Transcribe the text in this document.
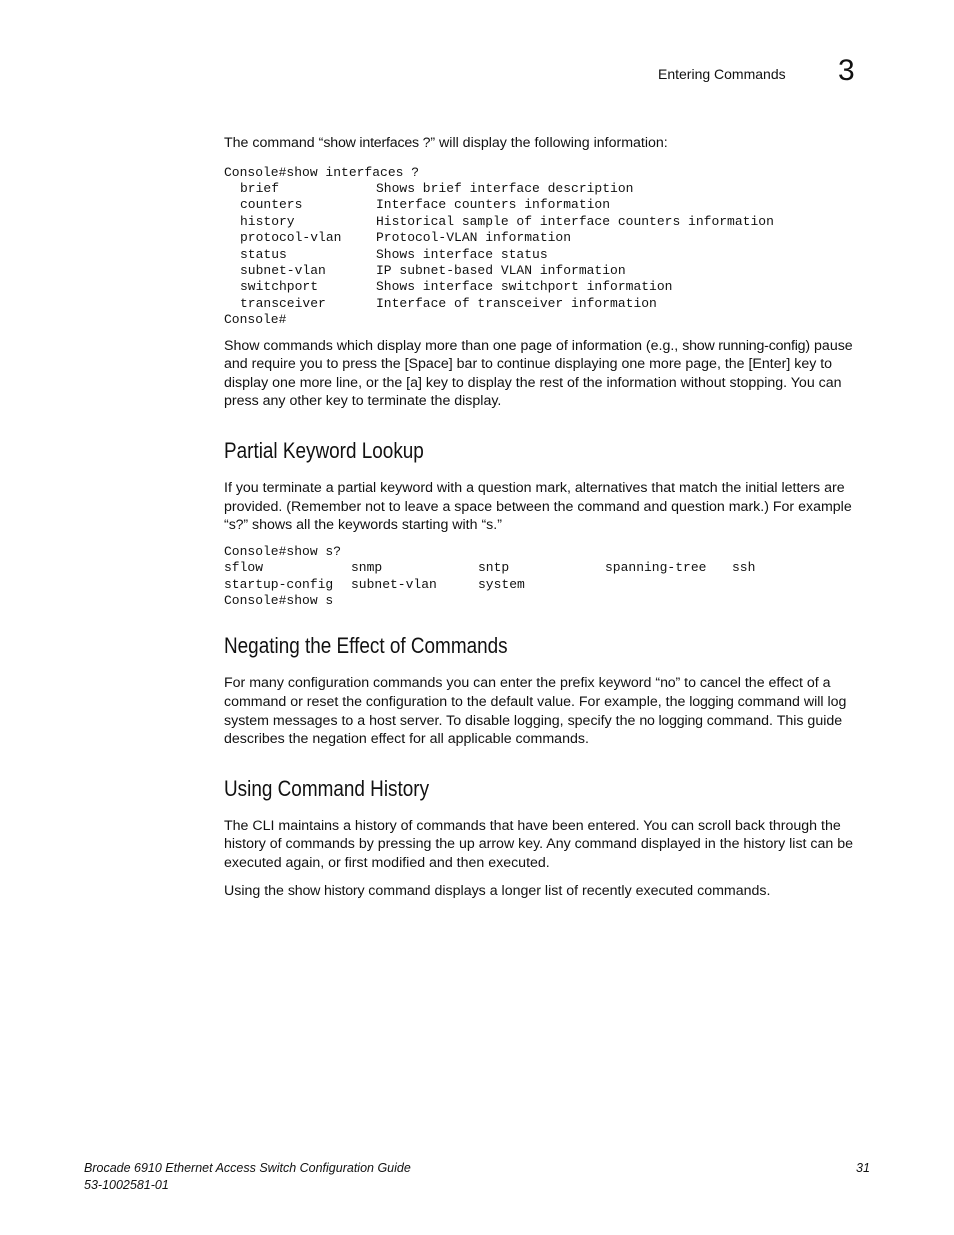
Entering Commands 3

The command “show interfaces ?” will display the following information:

Console#show interfaces ?
brief	Shows brief interface description
counters	Interface counters information
history	Historical sample of interface counters information
protocol-vlan	Protocol-VLAN information
status	Shows interface status
subnet-vlan	IP subnet-based VLAN information
switchport	Shows interface switchport information
transceiver	Interface of transceiver information
Console#

Show commands which display more than one page of information (e.g., show running-config) pause and require you to press the [Space] bar to continue displaying one more page, the [Enter] key to display one more line, or the [a] key to display the rest of the information without stopping. You can press any other key to terminate the display.

Partial Keyword Lookup

If you terminate a partial keyword with a question mark, alternatives that match the initial letters are provided. (Remember not to leave a space between the command and question mark.) For example “s?” shows all the keywords starting with “s.”

Console#show s?
sflow	snmp	sntp	spanning-tree ssh
startup-config subnet-vlan	system
Console#show s
Negating the Effect of Commands

For many configuration commands you can enter the prefix keyword “no” to cancel the effect of a command or reset the configuration to the default value. For example, the logging command will log system messages to a host server. To disable logging, specify the no logging command. This guide describes the negation effect for all applicable commands.

Using Command History

The CLI maintains a history of commands that have been entered. You can scroll back through the history of commands by pressing the up arrow key. Any command displayed in the history list can be executed again, or first modified and then executed.

Using the show history command displays a longer list of recently executed commands.

Brocade 6910 Ethernet Access Switch Configuration Guide
53-1002581-01
31
